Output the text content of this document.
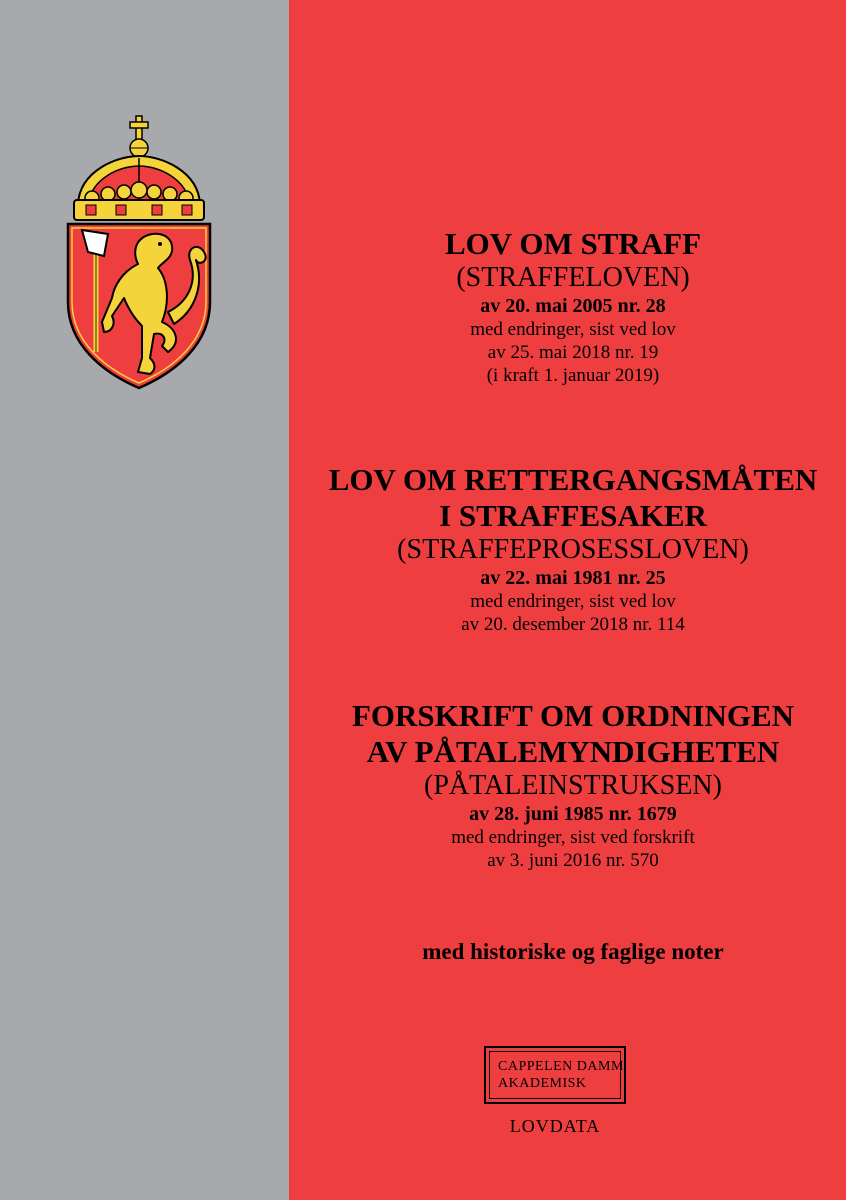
LOV OM STRAFF
(STRAFFELOVEN)
av 20. mai 2005 nr. 28
med endringer, sist ved lov
av 25. mai 2018 nr. 19
(i kraft 1. januar 2019)
LOV OM RETTERGANGSMÅTEN
I STRAFFESAKER
(STRAFFEPROSESSLOVEN)
av 22. mai 1981 nr. 25
med endringer, sist ved lov
av 20. desember 2018 nr. 114
FORSKRIFT OM ORDNINGEN
AV PÅTALEMYNDIGHETEN
(PÅTALEINSTRUKSEN)
av 28. juni 1985 nr. 1679
med endringer, sist ved forskrift
av 3. juni 2016 nr. 570
med historiske og faglige noter
CAPPELEN DAMM
AKADEMISK
LOVDATA
